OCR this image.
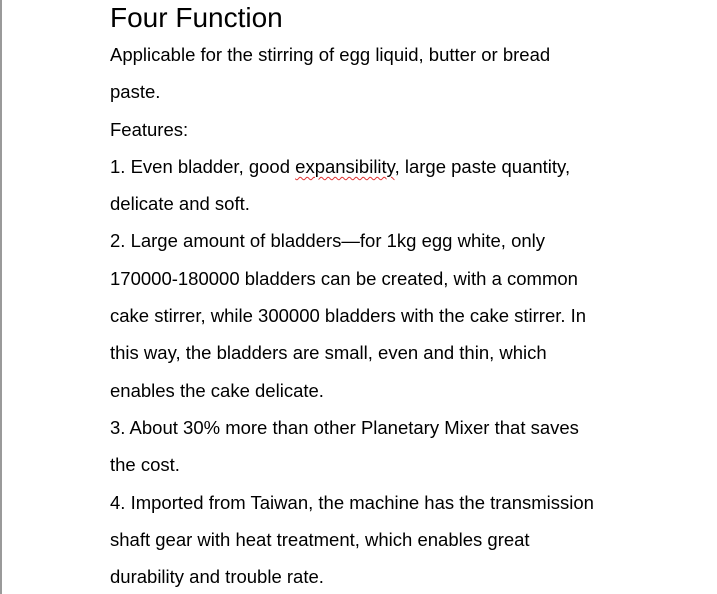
Four Function
Applicable for the stirring of egg liquid, butter or bread
paste.
Features:
1. Even bladder, good expansibility, large paste quantity,
delicate and soft.
2. Large amount of bladders—for 1kg egg white, only
170000-180000 bladders can be created, with a common
cake stirrer, while 300000 bladders with the cake stirrer. In
this way, the bladders are small, even and thin, which
enables the cake delicate.
3. About 30% more than other Planetary Mixer that saves
the cost.
4. Imported from Taiwan, the machine has the transmission
shaft gear with heat treatment, which enables great
durability and trouble rate.
